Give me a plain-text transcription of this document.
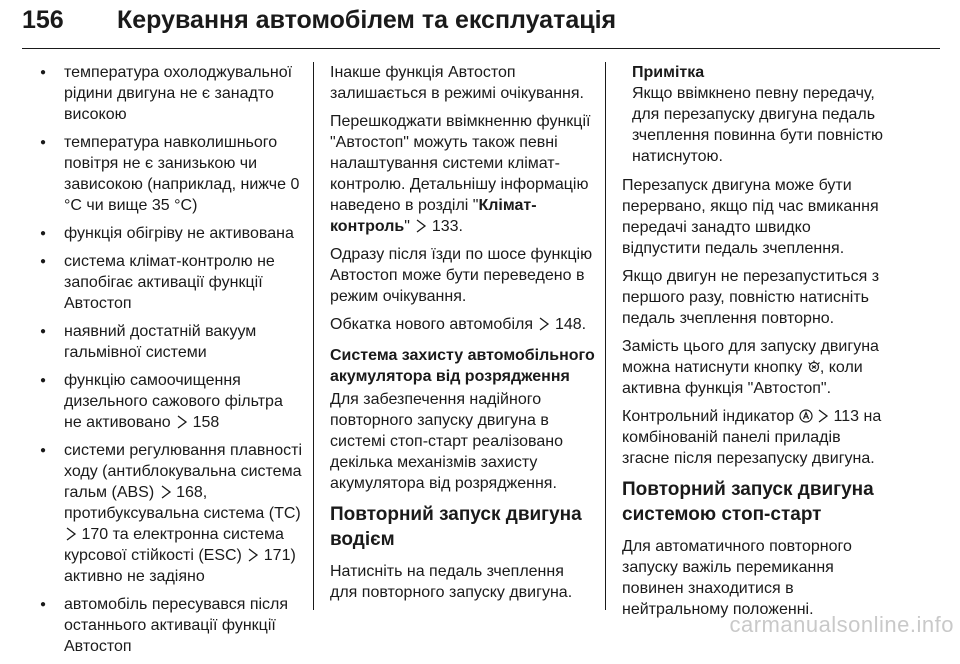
156 Керування автомобілем та експлуатація
● температура охолоджувальної рідини двигуна не є занадто високою
● температура навколишнього повітря не є занизькою чи зависокою (наприклад, нижче 0 °C чи вище 35 °C)
● функція обігріву не активована
● система клімат-контролю не запобігає активації функції Автостоп
● наявний достатній вакуум гальмівної системи
● функцію самоочищення дизельного сажового фільтра не активовано 158
● системи регулювання плавності ходу (антиблокувальна система гальм (ABS) 168, протибуксувальна система (TC)  170 та електронна система курсової стійкості (ESC) 171) активно не задіяно
● автомобіль пересувався після останнього активації функції Автостоп

Інакше функція Автостоп залишається в режимі очікування.

Перешкоджати ввімкненню функції "Автостоп" можуть також певні налаштування системи клімат-контролю. Детальнішу інформацію наведено в розділі "Клімат-контроль" 133.

Одразу після їзди по шосе функцію Автостоп може бути переведено в режим очікування.

Обкатка нового автомобіля 148.

Система захисту автомобільного акумулятора від розрядження

Для забезпечення надійного повторного запуску двигуна в системі стоп-старт реалізовано декілька механізмів захисту акумулятора від розрядження.

Повторний запуск двигуна водієм

Натисніть на педаль зчеплення для повторного запуску двигуна.

Примітка
Якщо ввімкнено певну передачу, для перезапуску двигуна педаль зчеплення повинна бути повністю натиснутою.

Перезапуск двигуна може бути перервано, якщо під час вмикання передачі занадто швидко відпустити педаль зчеплення.

Якщо двигун не перезапуститься з першого разу, повністю натисніть педаль зчеплення повторно.

Замість цього для запуску двигуна можна натиснути кнопку , коли активна функція "Автостоп".

Контрольний індикатор 113 на комбінованій панелі приладів згасне після перезапуску двигуна.

Повторний запуск двигуна системою стоп-старт

Для автоматичного повторного запуску важіль перемикання повинен знаходитися в нейтральному положенні.

carmanualsonline.info
